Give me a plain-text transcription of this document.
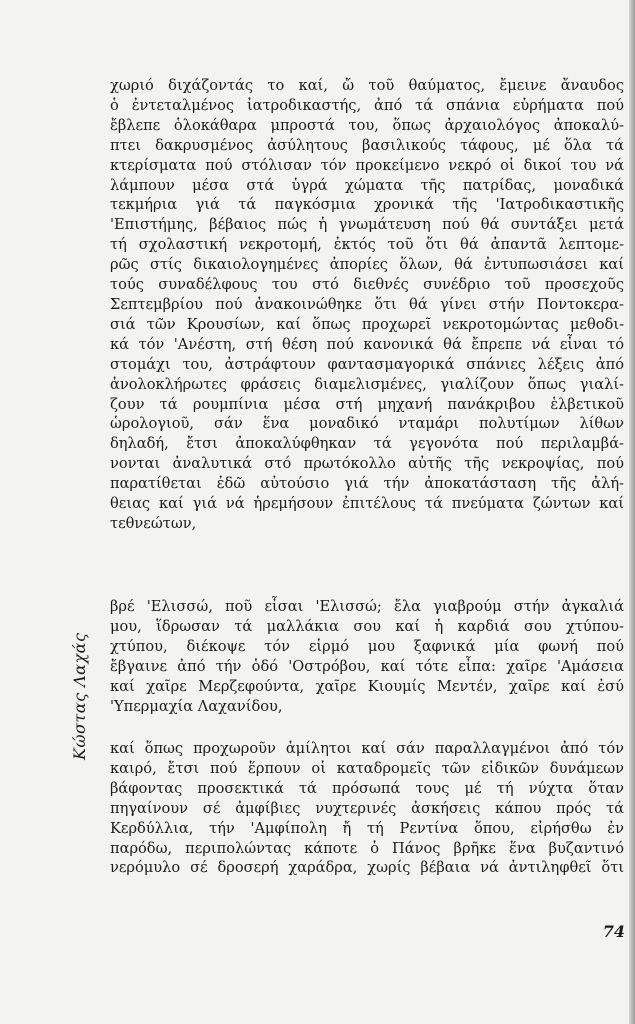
χωριό διχάζοντάς το καί, ὤ τοῦ θαύματος, ἔμεινε ἄναυδος
ὁ ἐντεταλμένος ἰατροδικαστής, ἀπό τά σπάνια εὑρήματα πού
ἔβλεπε ὁλοκάθαρα μπροστά του, ὅπως ἀρχαιολόγος ἀποκαλύ-
πτει δακρυσμένος ἀσύλητους βασιλικούς τάφους, μέ ὅλα τά
κτερίσματα πού στόλισαν τόν προκείμενο νεκρό οἱ δικοί του νά
λάμπουν μέσα στά ὑγρά χώματα τῆς πατρίδας, μοναδικά
τεκμήρια γιά τά παγκόσμια χρονικά τῆς 'Ιατροδικαστικῆς
'Επιστήμης, βέβαιος πώς ἡ γνωμάτευση πού θά συντάξει μετά
τή σχολαστική νεκροτομή, ἐκτός τοῦ ὅτι θά ἀπαντᾶ λεπτομε-
ρῶς στίς δικαιολογημένες ἀπορίες ὅλων, θά ἐντυπωσιάσει καί
τούς συναδέλφους του στό διεθνές συνέδριο τοῦ προσεχοῦς
Σεπτεμβρίου πού ἀνακοινώθηκε ὅτι θά γίνει στήν Ποντοκερα-
σιά τῶν Κρουσίων, καί ὅπως προχωρεῖ νεκροτομώντας μεθοδι-
κά τόν 'Ανέστη, στή θέση πού κανονικά θά ἔπρεπε νά εἶναι τό
στομάχι του, ἀστράφτουν φαντασμαγορικά σπάνιες λέξεις ἀπό
ἀνολοκλήρωτες φράσεις διαμελισμένες, γιαλίζουν ὅπως γιαλί-
ζουν τά ρουμπίνια μέσα στή μηχανή πανάκριβου ἑλβετικοῦ
ὡρολογιοῦ, σάν ἕνα μοναδικό νταμάρι πολυτίμων λίθων
δηλαδή, ἔτσι ἀποκαλύφθηκαν τά γεγονότα πού περιλαμβά-
νονται ἀναλυτικά στό πρωτόκολλο αὐτῆς τῆς νεκροψίας, πού
παρατίθεται ἐδῶ αὐτούσιο γιά τήν ἀποκατάσταση τῆς ἀλή-
θειας καί γιά νά ἡρεμήσουν ἐπιτέλους τά πνεύματα ζώντων καί
τεθνεώτων,
βρέ 'Ελισσώ, ποῦ εἶσαι 'Ελισσώ; ἔλα γιαβρούμ στήν ἀγκαλιά
μου, ἵδρωσαν τά μαλλάκια σου καί ἡ καρδιά σου χτύπου-
χτύπου, διέκοψε τόν εἱρμό μου ξαφνικά μία φωνή πού
ἔβγαινε ἀπό τήν ὁδό 'Οστρόβου, καί τότε εἶπα: χαῖρε 'Αμάσεια
καί χαῖρε Μερζεφούντα, χαῖρε Κιουμίς Μεντέν, χαῖρε καί ἐσύ
'Υπερμαχία Λαχανίδου,
καί ὅπως προχωροῦν ἀμίλητοι καί σάν παραλλαγμένοι ἀπό τόν
καιρό, ἔτσι πού ἕρπουν οἱ καταδρομεῖς τῶν εἰδικῶν δυνάμεων
βάφοντας προσεκτικά τά πρόσωπά τους μέ τή νύχτα ὅταν
πηγαίνουν σέ ἀμφίβιες νυχτερινές ἀσκήσεις κάπου πρός τά
Κερδύλλια, τήν 'Αμφίπολη ἤ τή Ρεντίνα ὅπου, εἰρήσθω ἐν
παρόδω, περιπολώντας κάποτε ὁ Πάνος βρῆκε ἕνα βυζαντινό
νερόμυλο σέ δροσερή χαράδρα, χωρίς βέβαια νά ἀντιληφθεῖ ὅτι
Κώστας Λαχάς
74
